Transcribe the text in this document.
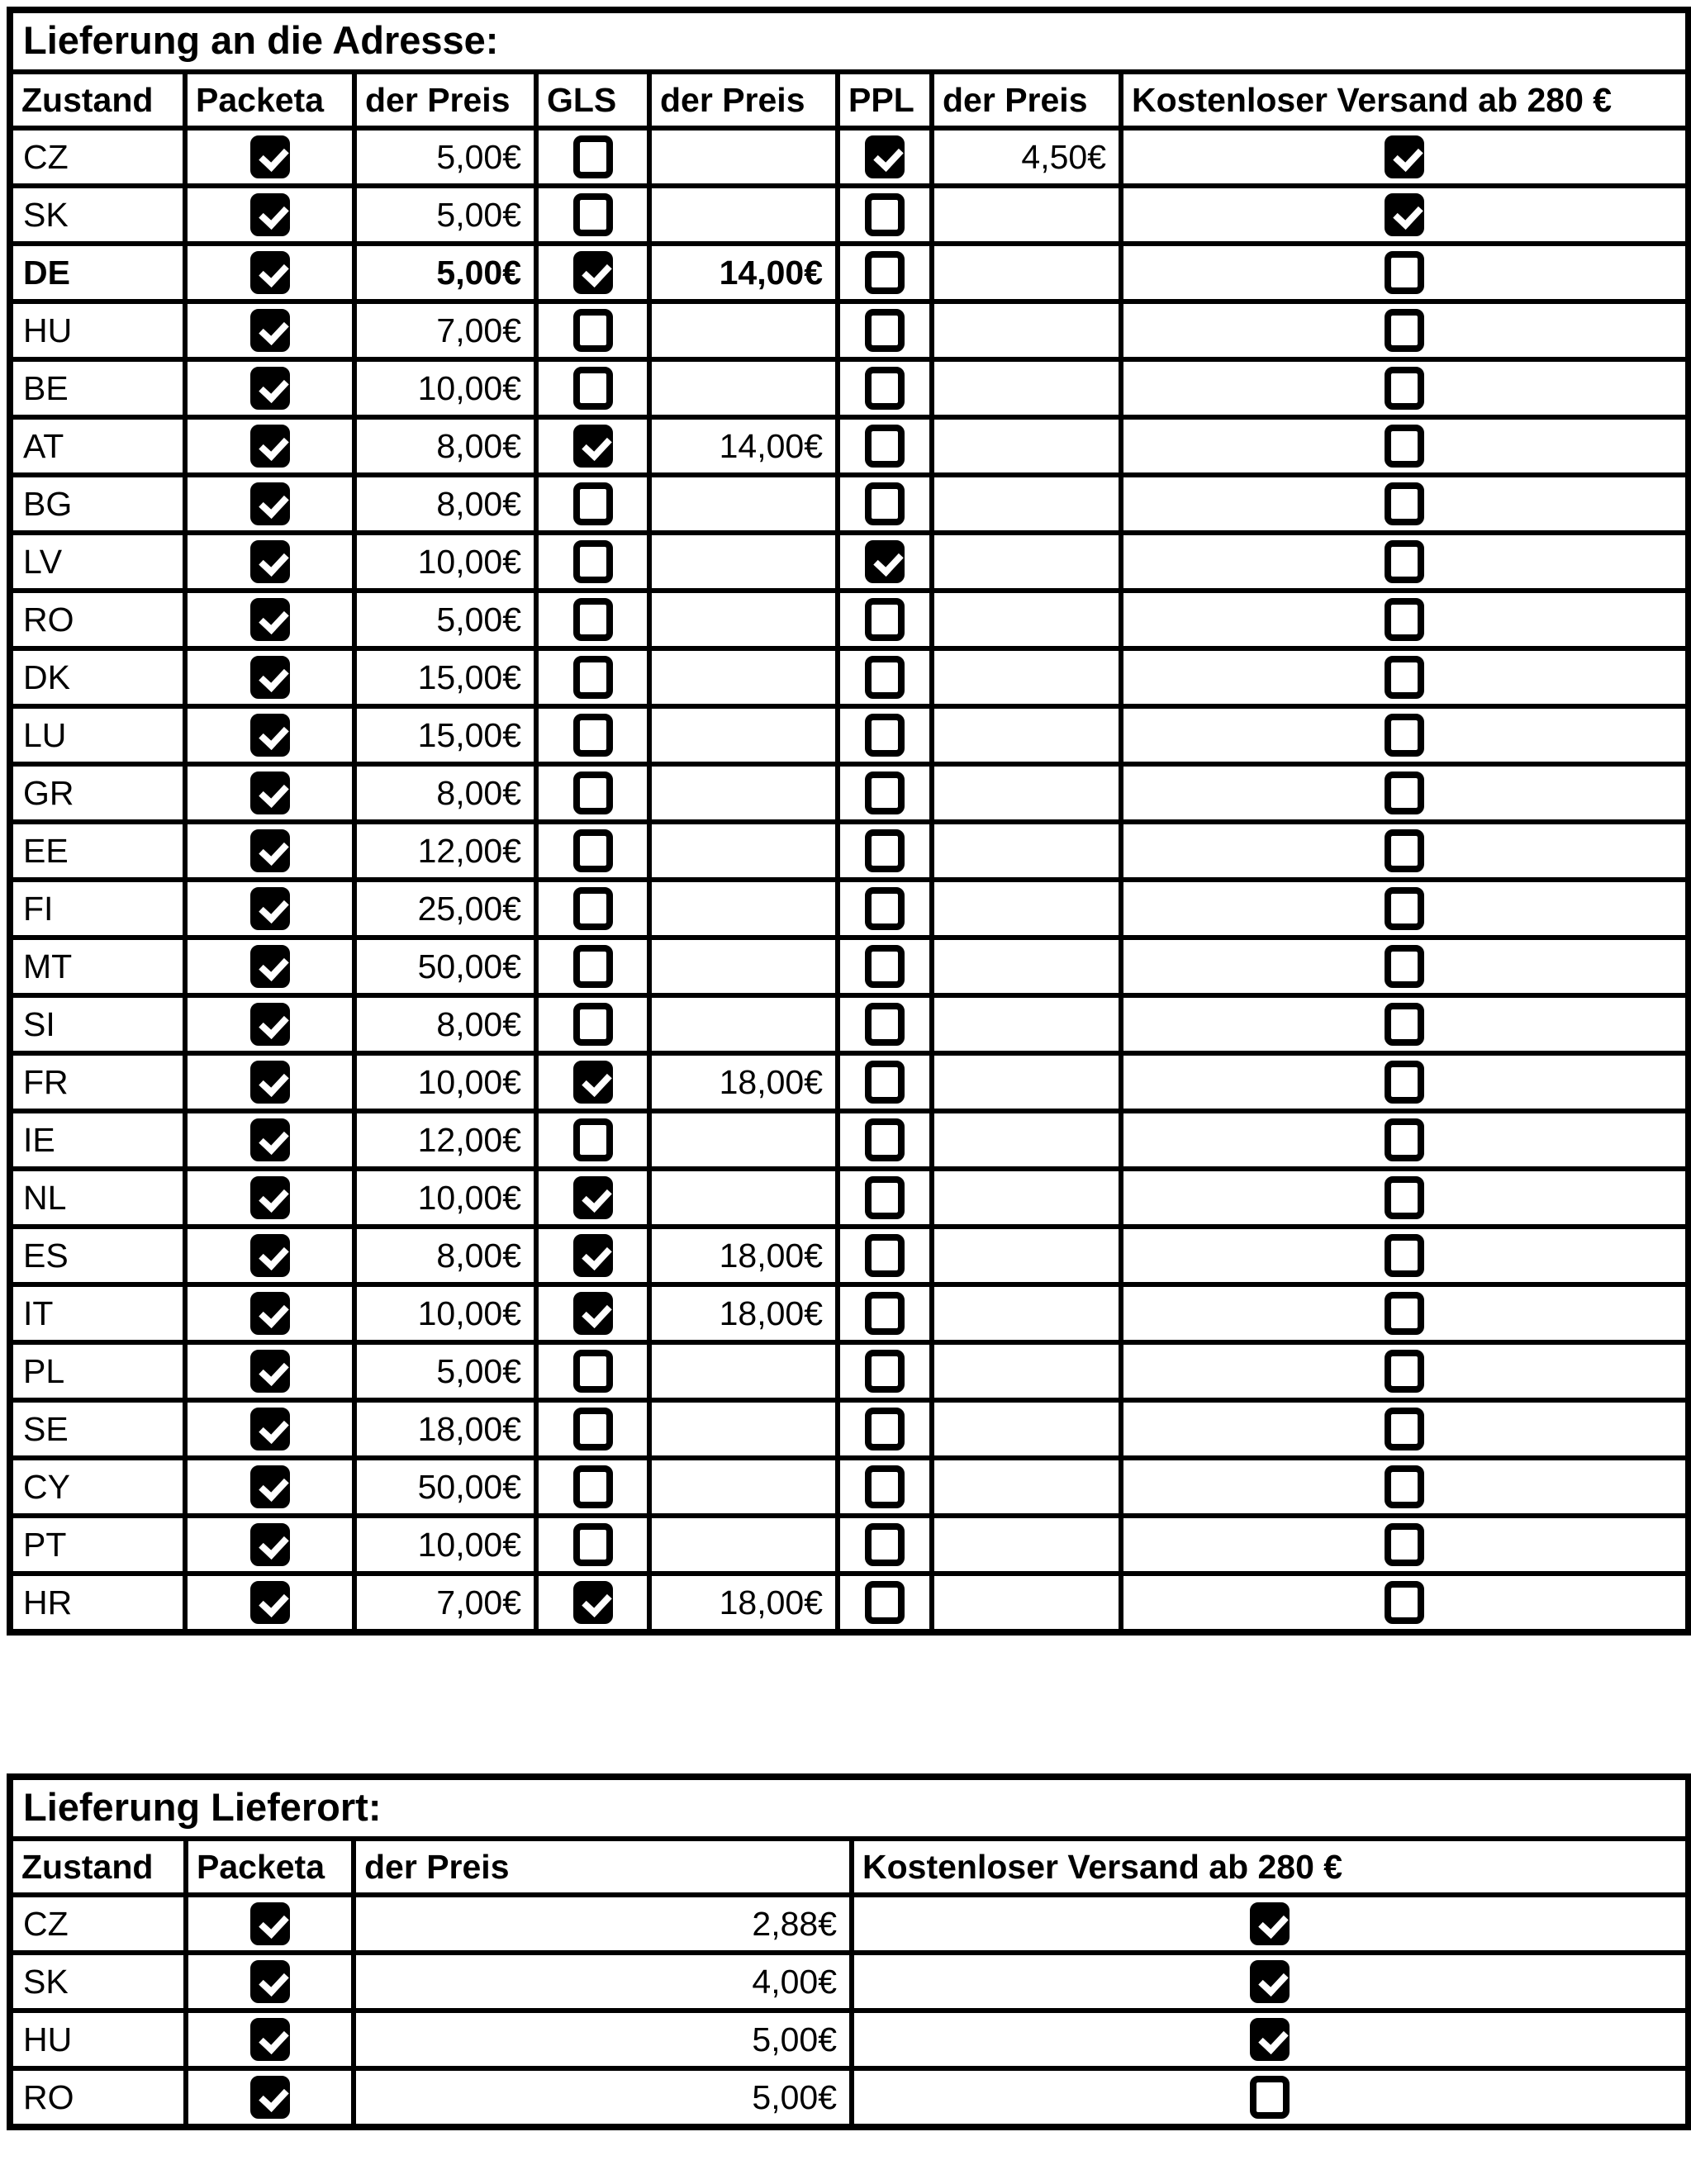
Lieferung an die Adresse:							
Zustand	Packeta	der Preis	GLS	der Preis	PPL	der Preis	Kostenloser Versand ab 280 €
CZ		5,00€				4,50€	
SK		5,00€					
DE		5,00€		14,00€			
HU		7,00€					
BE		10,00€					
AT		8,00€		14,00€			
BG		8,00€					
LV		10,00€					
RO		5,00€					
DK		15,00€					
LU		15,00€					
GR		8,00€					
EE		12,00€					
FI		25,00€					
MT		50,00€					
SI		8,00€					
FR		10,00€		18,00€			
IE		12,00€					
NL		10,00€					
ES		8,00€		18,00€			
IT		10,00€		18,00€			
PL		5,00€					
SE		18,00€					
CY		50,00€					
PT		10,00€					
HR		7,00€		18,00€			
Lieferung Lieferort:			
Zustand	Packeta	der Preis	Kostenloser Versand ab 280 €
CZ		2,88€	
SK		4,00€	
HU		5,00€	
RO		5,00€	
